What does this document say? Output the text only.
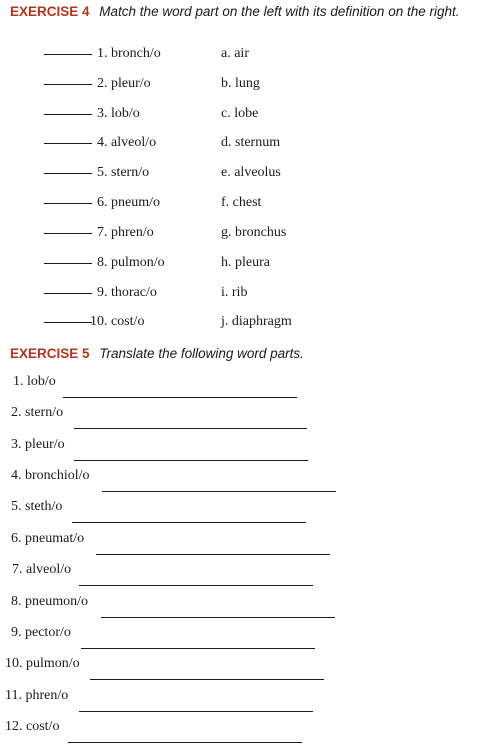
EXERCISE 4 Match the word part on the left with its definition on the right.
1. bronch/o	a. air
2. pleur/o	b. lung
3. lob/o	c. lobe
4. alveol/o	d. sternum
5. stern/o	e. alveolus
6. pneum/o	f. chest
7. phren/o	g. bronchus
8. pulmon/o	h. pleura
9. thorac/o	i. rib
10. cost/o	j. diaphragm
EXERCISE 5 Translate the following word parts.
1. lob/o
2. stern/o
3. pleur/o
4. bronchiol/o
5. steth/o
6. pneumat/o
7. alveol/o
8. pneumon/o
9. pector/o
10. pulmon/o
11. phren/o
12. cost/o
